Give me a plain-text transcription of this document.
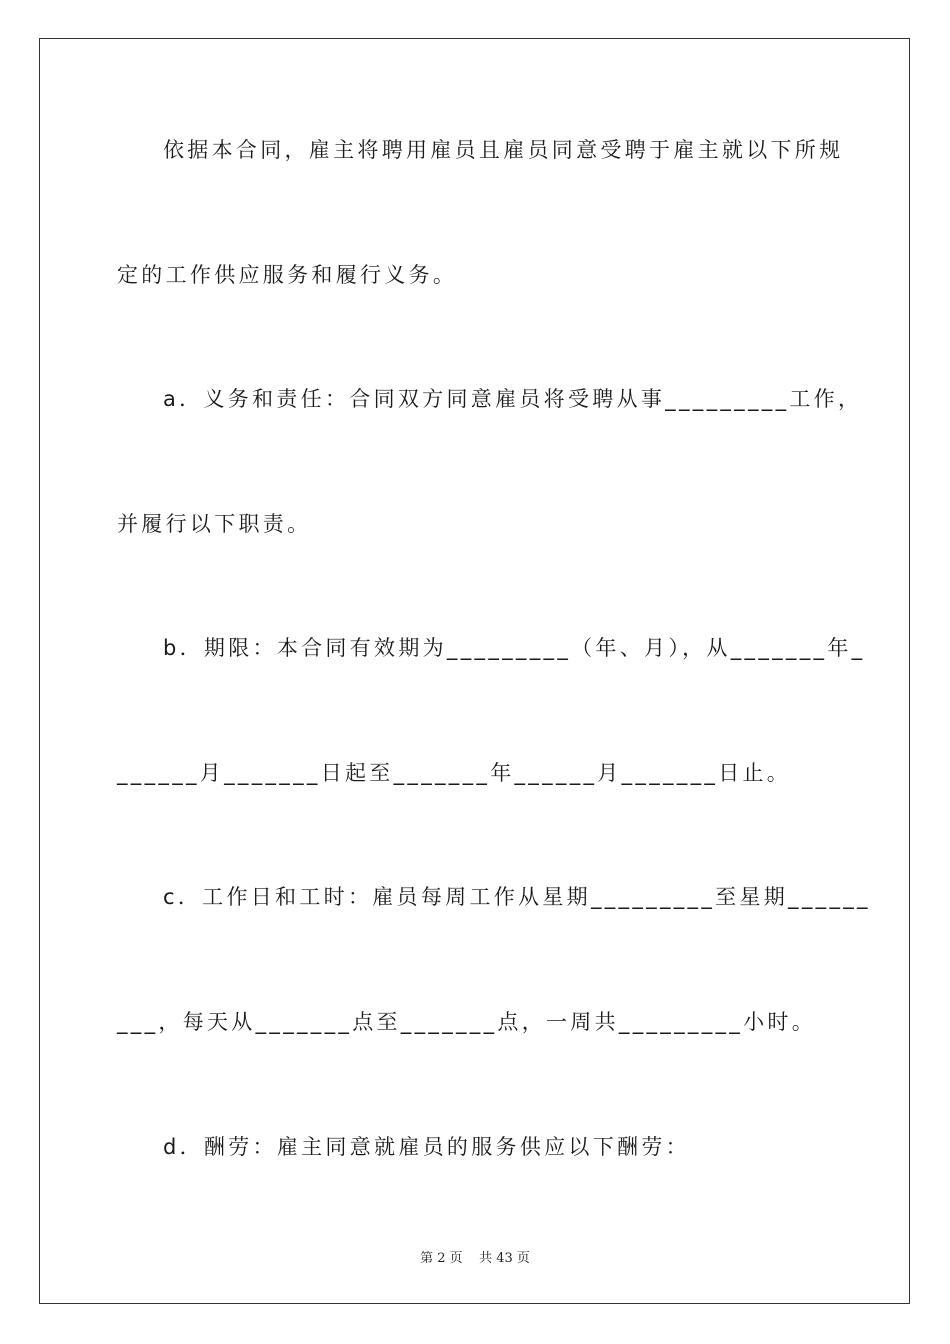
依据本合同，雇主将聘用雇员且雇员同意受聘于雇主就以下所规
定的工作供应服务和履行义务。
a．义务和责任：合同双方同意雇员将受聘从事_________工作，
并履行以下职责。
b．期限：本合同有效期为_________（年、月），从_______年_
______月_______日起至_______年______月_______日止。
c．工作日和工时：雇员每周工作从星期_________至星期______
___，每天从_______点至_______点，一周共_________小时。
d．酬劳：雇主同意就雇员的服务供应以下酬劳：
第 2 页    共 43 页
